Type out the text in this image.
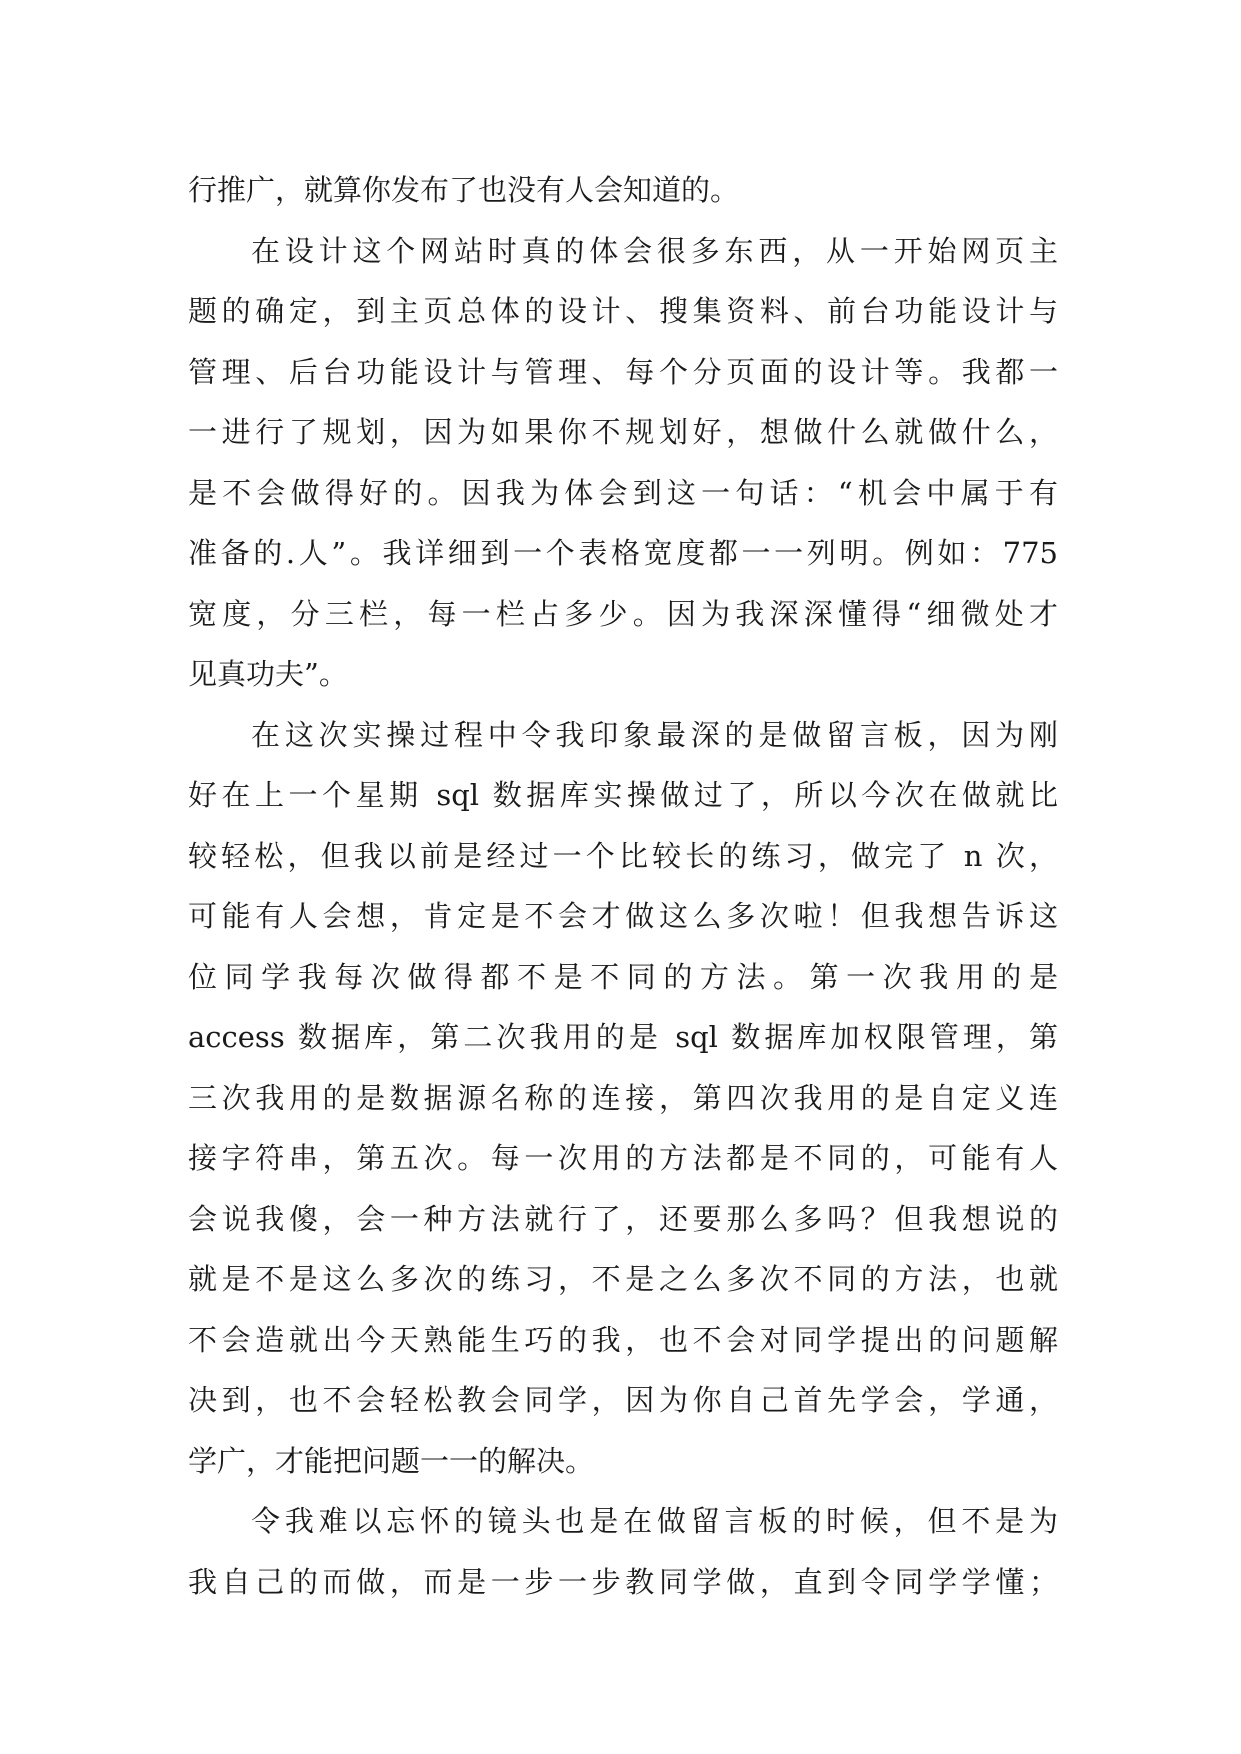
行推广，就算你发布了也没有人会知道的。
在设计这个网站时真的体会很多东西，从一开始网页主
题的确定，到主页总体的设计、搜集资料、前台功能设计与
管理、后台功能设计与管理、每个分页面的设计等。我都一
一进行了规划，因为如果你不规划好，想做什么就做什么，
是不会做得好的。因我为体会到这一句话：“机会中属于有
准备的.人”。我详细到一个表格宽度都一一列明。例如：775
宽度，分三栏，每一栏占多少。因为我深深懂得“细微处才
见真功夫”。
在这次实操过程中令我印象最深的是做留言板，因为刚
好在上一个星期 sql 数据库实操做过了，所以今次在做就比
较轻松，但我以前是经过一个比较长的练习，做完了 n 次，
可能有人会想，肯定是不会才做这么多次啦！但我想告诉这
位同学我每次做得都不是不同的方法。第一次我用的是
access 数据库，第二次我用的是 sql 数据库加权限管理，第
三次我用的是数据源名称的连接，第四次我用的是自定义连
接字符串，第五次。每一次用的方法都是不同的，可能有人
会说我傻，会一种方法就行了，还要那么多吗？但我想说的
就是不是这么多次的练习，不是之么多次不同的方法，也就
不会造就出今天熟能生巧的我，也不会对同学提出的问题解
决到，也不会轻松教会同学，因为你自己首先学会，学通，
学广，才能把问题一一的解决。
令我难以忘怀的镜头也是在做留言板的时候，但不是为
我自己的而做，而是一步一步教同学做，直到令同学学懂；
